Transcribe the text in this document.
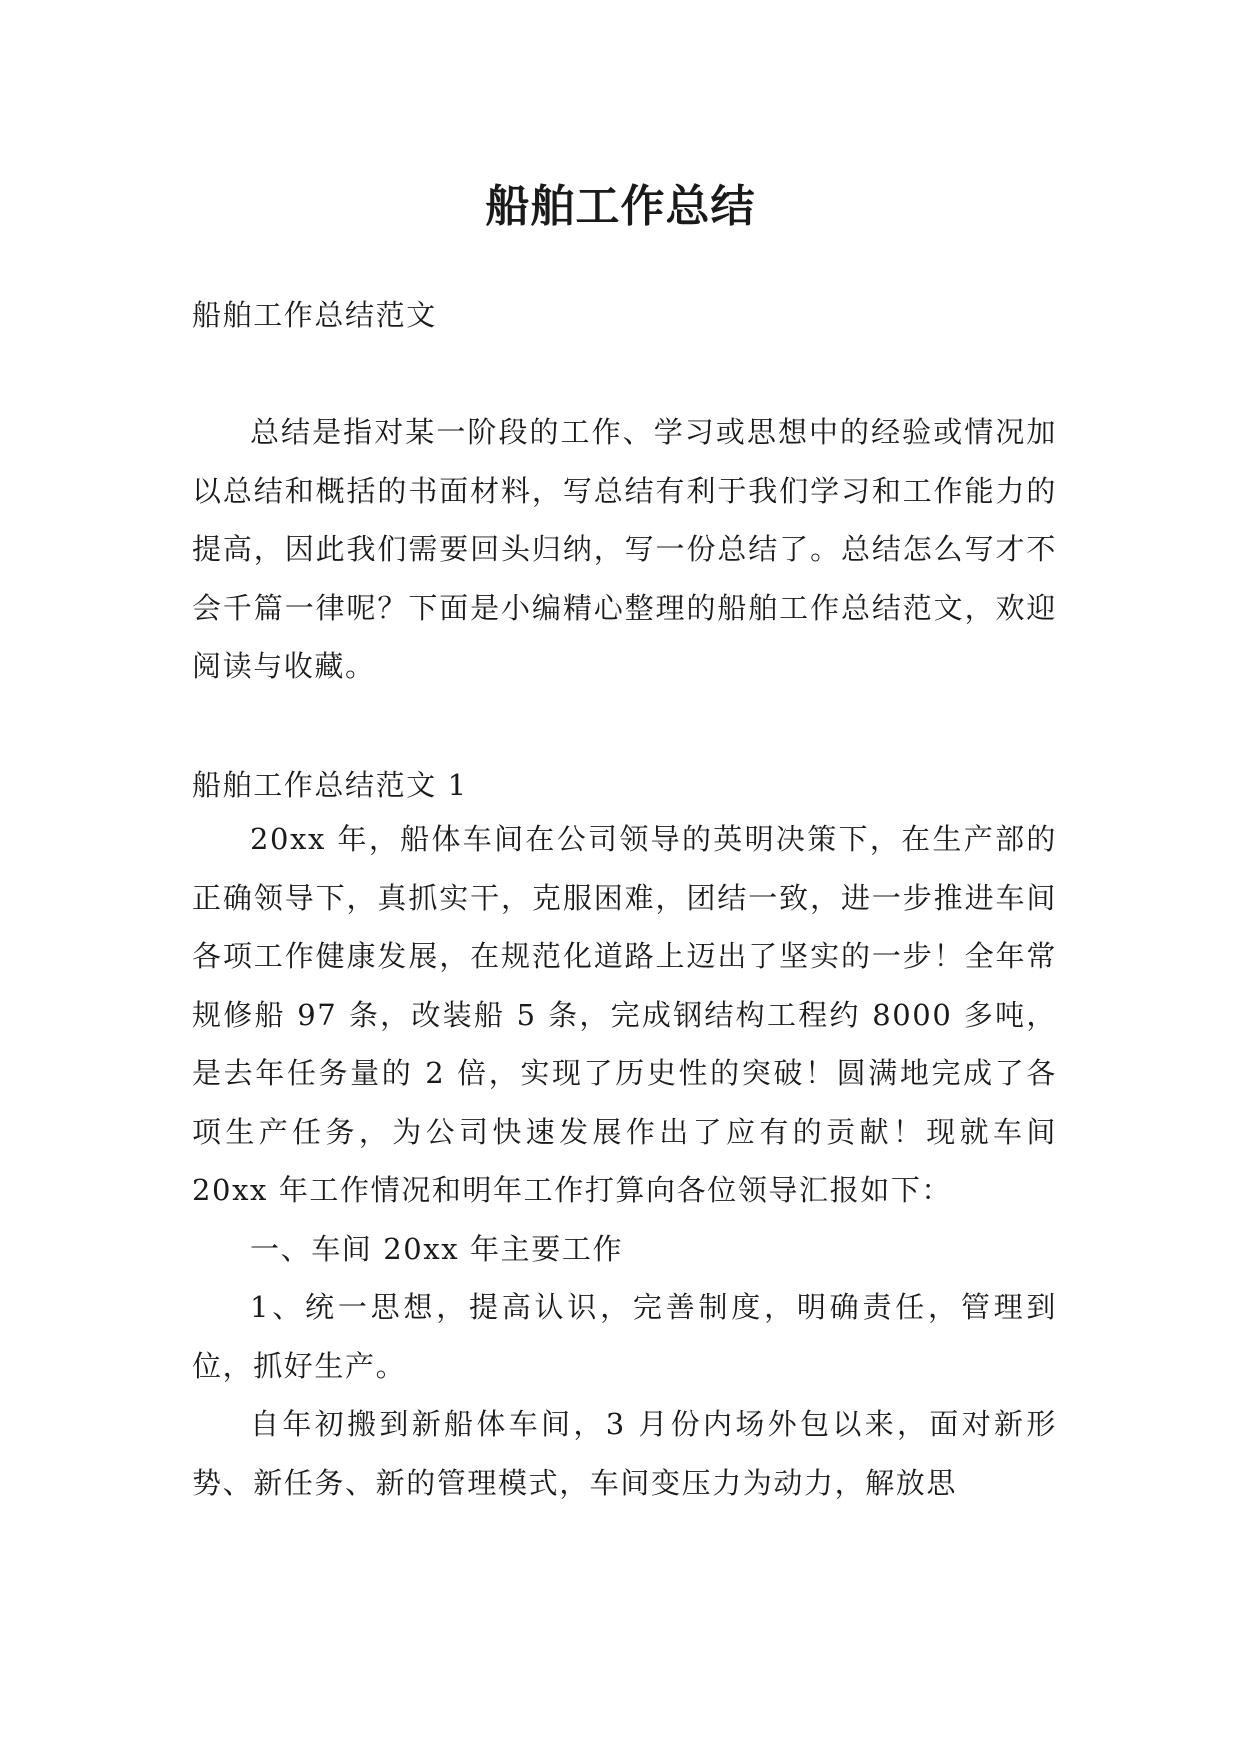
船舶工作总结

船舶工作总结范文

总结是指对某一阶段的工作、学习或思想中的经验或情况加以总结和概括的书面材料，写总结有利于我们学习和工作能力的提高，因此我们需要回头归纳，写一份总结了。总结怎么写才不会千篇一律呢？下面是小编精心整理的船舶工作总结范文，欢迎阅读与收藏。

船舶工作总结范文 1

20xx 年，船体车间在公司领导的英明决策下，在生产部的正确领导下，真抓实干，克服困难，团结一致，进一步推进车间各项工作健康发展，在规范化道路上迈出了坚实的一步！全年常规修船 97 条，改装船 5 条，完成钢结构工程约 8000 多吨，是去年任务量的 2 倍，实现了历史性的突破！圆满地完成了各项生产任务，为公司快速发展作出了应有的贡献！现就车间 20xx 年工作情况和明年工作打算向各位领导汇报如下：

一、车间 20xx 年主要工作

1、统一思想，提高认识，完善制度，明确责任，管理到位，抓好生产。

自年初搬到新船体车间，3 月份内场外包以来，面对新形势、新任务、新的管理模式，车间变压力为动力，解放思
